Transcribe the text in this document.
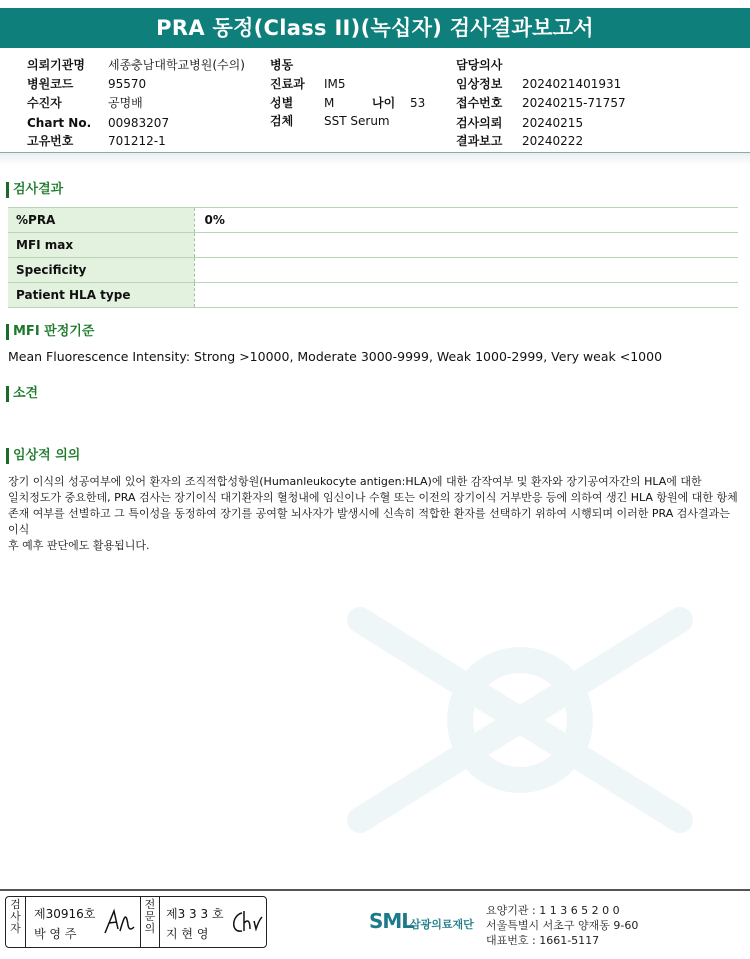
PRA 동정(Class II)(녹십자) 검사결과보고서
의뢰기관명 세종충남대학교병원(수의)
병원코드	95570
수진자	공명배
Chart No. 00983207
고유번호	701212-1
병동
진료과 IM5
성별	M	나이 53
검체	SST Serum
담당의사
임상정보 2024021401931
접수번호 20240215-71757
검사의뢰 20240215
결과보고 20240222
검사결과
%PRA	0%
MFI max	
Specificity	
Patient HLA type	
MFI 판정기준
Mean Fluorescence Intensity: Strong >10000, Moderate 3000-9999, Weak 1000-2999, Very weak <1000
소견
임상적 의의
장기 이식의 성공여부에 있어 환자의 조직적합성항원(Humanleukocyte antigen:HLA)에 대한 감작여부 및 환자와 장기공여자간의 HLA에 대한
일치정도가 중요한데, PRA 검사는 장기이식 대기환자의 혈청내에 임신이나 수혈 또는 이전의 장기이식 거부반응 등에 의하여 생긴 HLA 항원에 대한 항체
존재 여부를 선별하고 그 특이성을 동정하여 장기를 공여할 뇌사자가 발생시에 신속히 적합한 환자를 선택하기 위하여 시행되며 이러한 PRA 검사결과는 이식
후 예후 판단에도 활용됩니다.
검사자
제30916호
박 영 주
전문의
제3 3 3 호
지 현 영
SML
삼광의료재단
요양기관 : 1 1 3 6 5 2 0 0
서울특별시 서초구 양재동 9-60
대표번호 : 1661-5117
